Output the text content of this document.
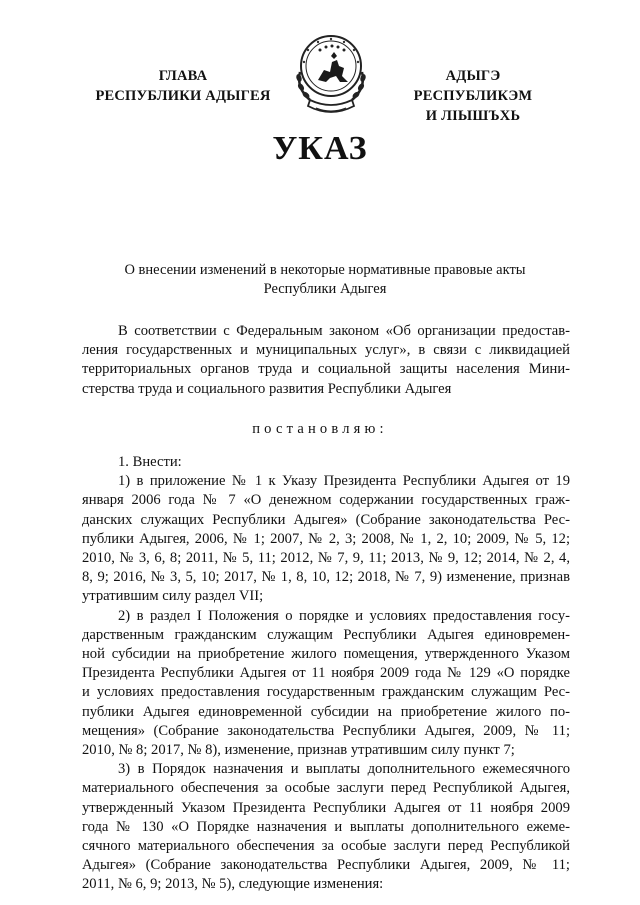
ГЛАВА
РЕСПУБЛИКИ АДЫГЕЯ
АДЫГЭ РЕСПУБЛИКЭМ
И ЛІЫШЪХЬ
УКАЗ
О внесении изменений в некоторые нормативные правовые акты
Республики Адыгея
В соответствии с Федеральным законом «Об организации предостав-
ления государственных и муниципальных услуг», в связи с ликвидацией
территориальных органов труда и социальной защиты населения Мини-
стерства труда и социального развития Республики Адыгея
постановляю:
1. Внести:
1) в приложение № 1 к Указу Президента Республики Адыгея от 19
января 2006 года № 7 «О денежном содержании государственных граж-
данских служащих Республики Адыгея» (Собрание законодательства Рес-
публики Адыгея, 2006, № 1; 2007, № 2, 3; 2008, № 1, 2, 10; 2009, № 5, 12;
2010, № 3, 6, 8; 2011, № 5, 11; 2012, № 7, 9, 11; 2013, № 9, 12; 2014, № 2, 4,
8, 9; 2016, № 3, 5, 10; 2017, № 1, 8, 10, 12; 2018, № 7, 9) изменение, признав
утратившим силу раздел VII;
2) в раздел I Положения о порядке и условиях предоставления госу-
дарственным гражданским служащим Республики Адыгея единовремен-
ной субсидии на приобретение жилого помещения, утвержденного Указом
Президента Республики Адыгея от 11 ноября 2009 года № 129 «О порядке
и условиях предоставления государственным гражданским служащим Рес-
публики Адыгея единовременной субсидии на приобретение жилого по-
мещения» (Собрание законодательства Республики Адыгея, 2009, № 11;
2010, № 8; 2017, № 8), изменение, признав утратившим силу пункт 7;
3) в Порядок назначения и выплаты дополнительного ежемесячного
материального обеспечения за особые заслуги перед Республикой Адыгея,
утвержденный Указом Президента Республики Адыгея от 11 ноября 2009
года № 130 «О Порядке назначения и выплаты дополнительного ежеме-
сячного материального обеспечения за особые заслуги перед Республикой
Адыгея» (Собрание законодательства Республики Адыгея, 2009, № 11;
2011, № 6, 9; 2013, № 5), следующие изменения:
